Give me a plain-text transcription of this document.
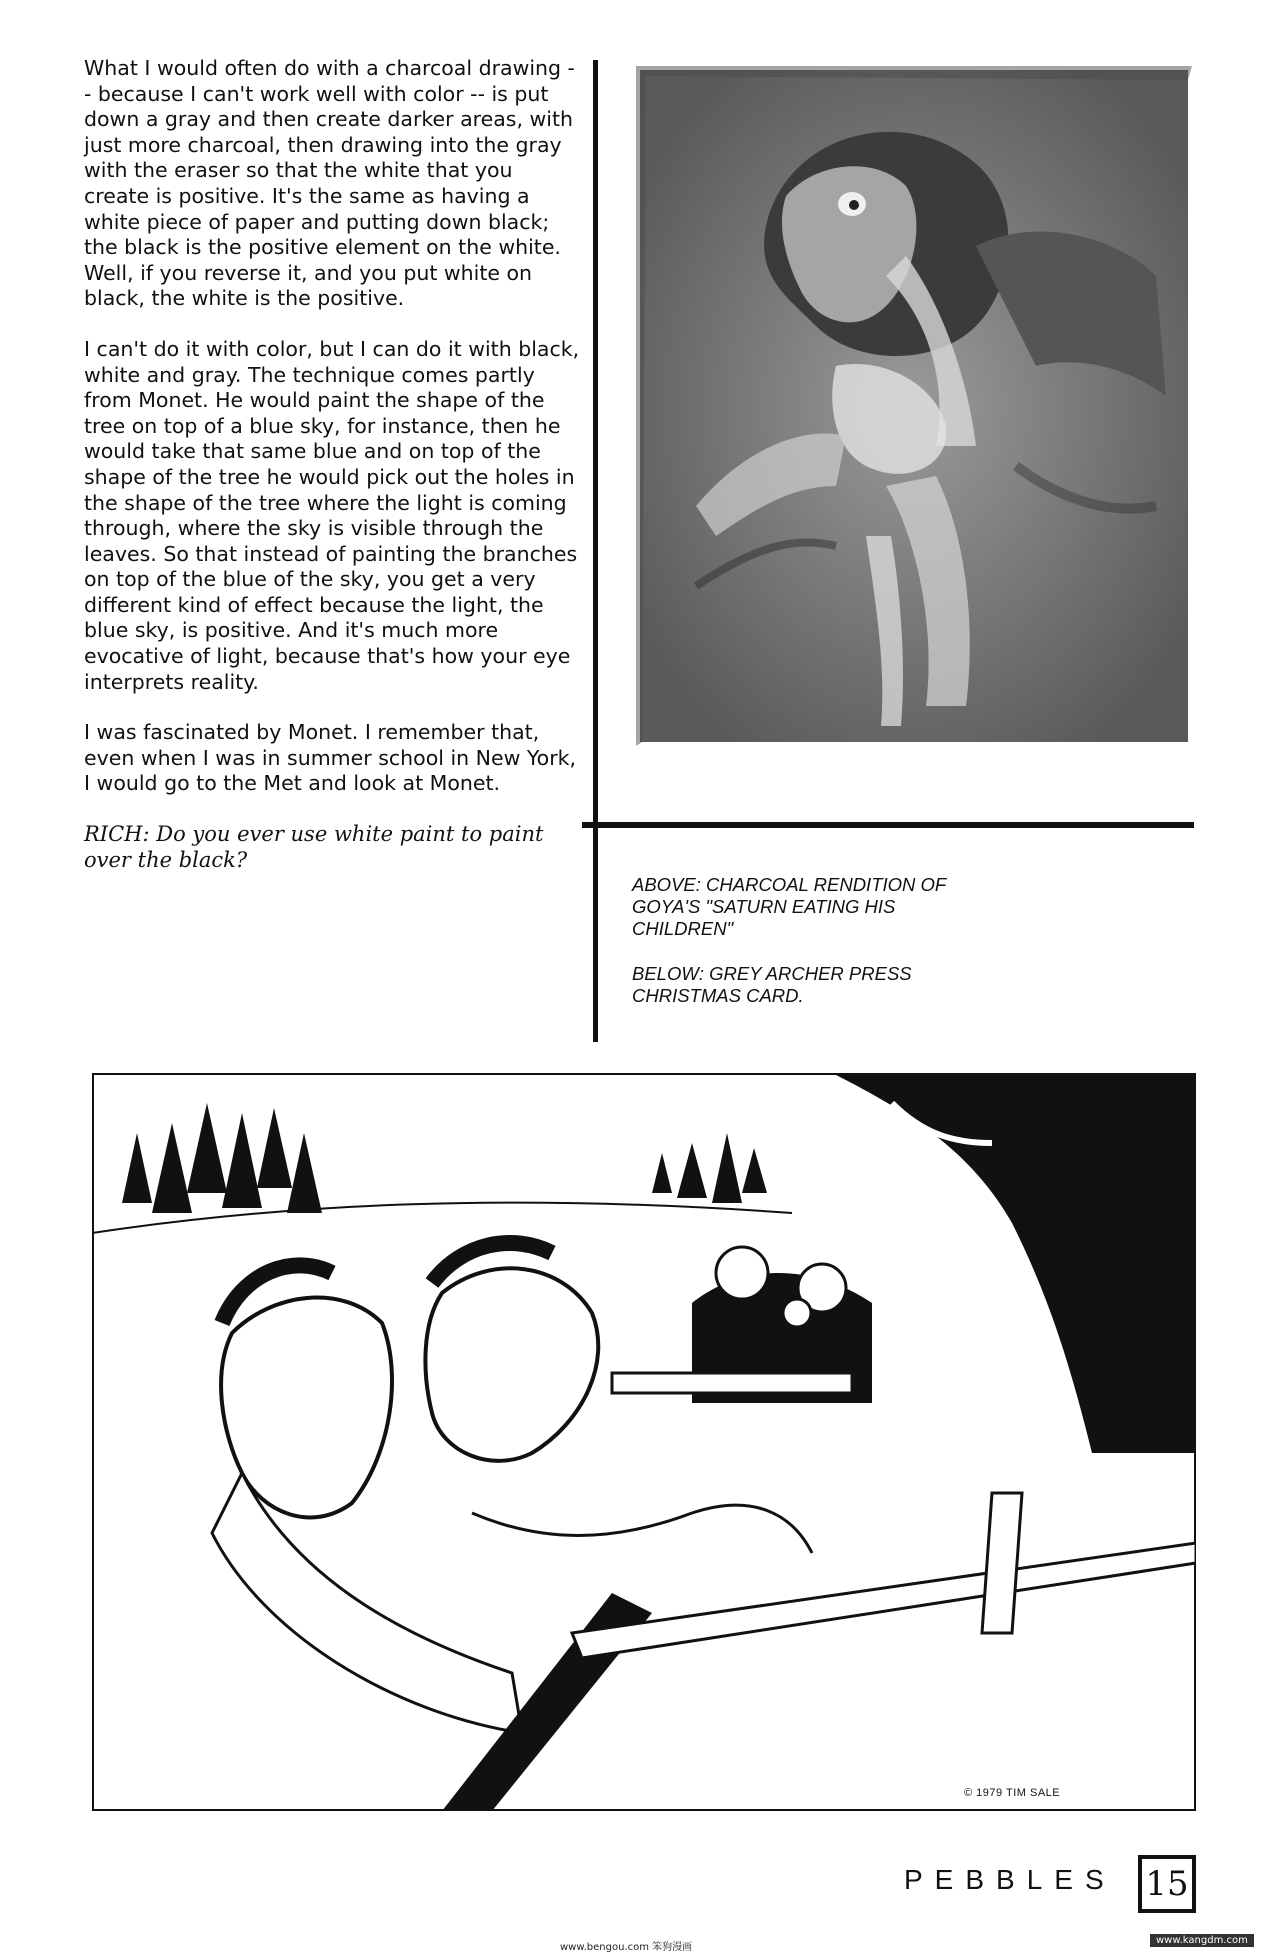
What I would often do with a charcoal drawing -- because I can't work well with color -- is put down a gray and then create darker areas, with just more charcoal, then drawing into the gray with the eraser so that the white that you create is positive. It's the same as having a white piece of paper and putting down black; the black is the positive element on the white. Well, if you reverse it, and you put white on black, the white is the positive.

I can't do it with color, but I can do it with black, white and gray. The technique comes partly from Monet. He would paint the shape of the tree on top of a blue sky, for instance, then he would take that same blue and on top of the shape of the tree he would pick out the holes in the shape of the tree where the light is coming through, where the sky is visible through the leaves. So that instead of painting the branches on top of the blue of the sky, you get a very different kind of effect because the light, the blue sky, is positive. And it's much more evocative of light, because that's how your eye interprets reality.

I was fascinated by Monet. I remember that, even when I was in summer school in New York, I would go to the Met and look at Monet.

RICH: Do you ever use white paint to paint over the black?

ABOVE: CHARCOAL RENDITION OF GOYA'S "SATURN EATING HIS CHILDREN"

BELOW: GREY ARCHER PRESS CHRISTMAS CARD.

© 1979 TIM SALE
PEBBLES 15
www.bengou.com 笨狗漫画
www.kangdm.com
